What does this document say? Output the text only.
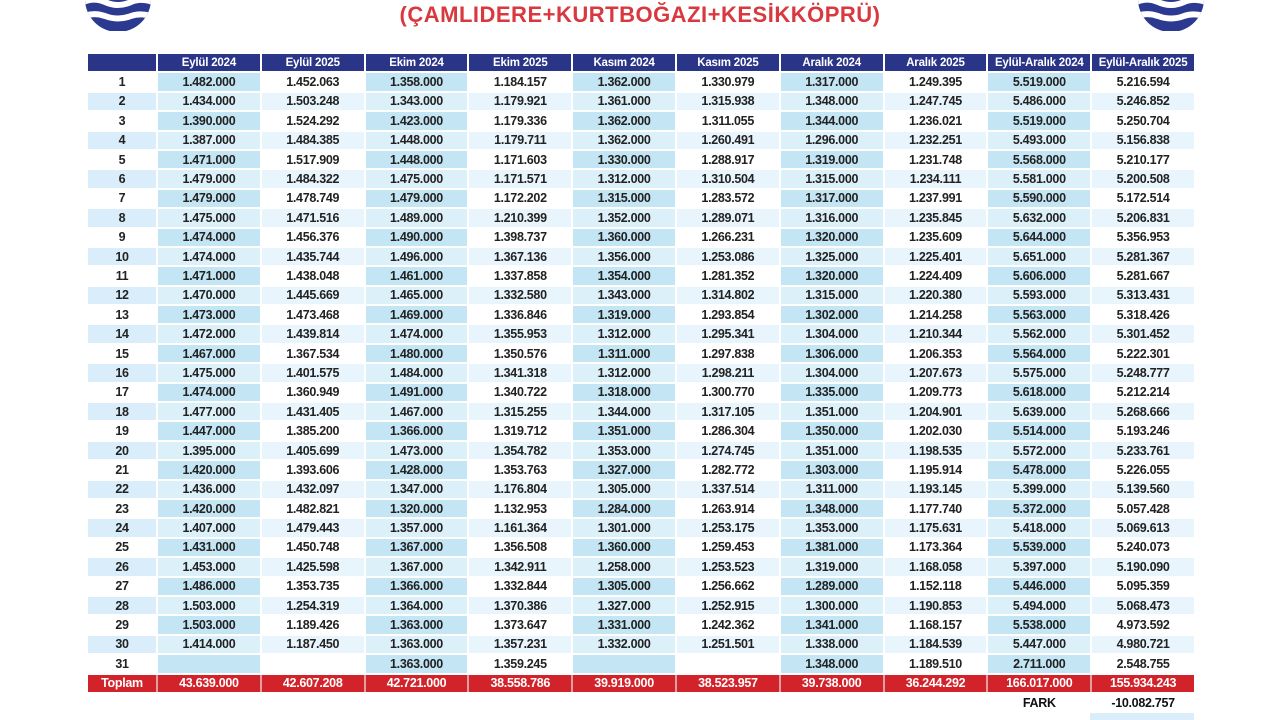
(ÇAMLIDERE+KURTBOĞAZI+KESİKKÖPRÜ)
	Eylül 2024	Eylül 2025	Ekim 2024	Ekim 2025	Kasım 2024	Kasım 2025	Aralık 2024	Aralık 2025	Eylül-Aralık 2024	Eylül-Aralık 2025
1	1.482.000	1.452.063	1.358.000	1.184.157	1.362.000	1.330.979	1.317.000	1.249.395	5.519.000	5.216.594
2	1.434.000	1.503.248	1.343.000	1.179.921	1.361.000	1.315.938	1.348.000	1.247.745	5.486.000	5.246.852
3	1.390.000	1.524.292	1.423.000	1.179.336	1.362.000	1.311.055	1.344.000	1.236.021	5.519.000	5.250.704
4	1.387.000	1.484.385	1.448.000	1.179.711	1.362.000	1.260.491	1.296.000	1.232.251	5.493.000	5.156.838
5	1.471.000	1.517.909	1.448.000	1.171.603	1.330.000	1.288.917	1.319.000	1.231.748	5.568.000	5.210.177
6	1.479.000	1.484.322	1.475.000	1.171.571	1.312.000	1.310.504	1.315.000	1.234.111	5.581.000	5.200.508
7	1.479.000	1.478.749	1.479.000	1.172.202	1.315.000	1.283.572	1.317.000	1.237.991	5.590.000	5.172.514
8	1.475.000	1.471.516	1.489.000	1.210.399	1.352.000	1.289.071	1.316.000	1.235.845	5.632.000	5.206.831
9	1.474.000	1.456.376	1.490.000	1.398.737	1.360.000	1.266.231	1.320.000	1.235.609	5.644.000	5.356.953
10	1.474.000	1.435.744	1.496.000	1.367.136	1.356.000	1.253.086	1.325.000	1.225.401	5.651.000	5.281.367
11	1.471.000	1.438.048	1.461.000	1.337.858	1.354.000	1.281.352	1.320.000	1.224.409	5.606.000	5.281.667
12	1.470.000	1.445.669	1.465.000	1.332.580	1.343.000	1.314.802	1.315.000	1.220.380	5.593.000	5.313.431
13	1.473.000	1.473.468	1.469.000	1.336.846	1.319.000	1.293.854	1.302.000	1.214.258	5.563.000	5.318.426
14	1.472.000	1.439.814	1.474.000	1.355.953	1.312.000	1.295.341	1.304.000	1.210.344	5.562.000	5.301.452
15	1.467.000	1.367.534	1.480.000	1.350.576	1.311.000	1.297.838	1.306.000	1.206.353	5.564.000	5.222.301
16	1.475.000	1.401.575	1.484.000	1.341.318	1.312.000	1.298.211	1.304.000	1.207.673	5.575.000	5.248.777
17	1.474.000	1.360.949	1.491.000	1.340.722	1.318.000	1.300.770	1.335.000	1.209.773	5.618.000	5.212.214
18	1.477.000	1.431.405	1.467.000	1.315.255	1.344.000	1.317.105	1.351.000	1.204.901	5.639.000	5.268.666
19	1.447.000	1.385.200	1.366.000	1.319.712	1.351.000	1.286.304	1.350.000	1.202.030	5.514.000	5.193.246
20	1.395.000	1.405.699	1.473.000	1.354.782	1.353.000	1.274.745	1.351.000	1.198.535	5.572.000	5.233.761
21	1.420.000	1.393.606	1.428.000	1.353.763	1.327.000	1.282.772	1.303.000	1.195.914	5.478.000	5.226.055
22	1.436.000	1.432.097	1.347.000	1.176.804	1.305.000	1.337.514	1.311.000	1.193.145	5.399.000	5.139.560
23	1.420.000	1.482.821	1.320.000	1.132.953	1.284.000	1.263.914	1.348.000	1.177.740	5.372.000	5.057.428
24	1.407.000	1.479.443	1.357.000	1.161.364	1.301.000	1.253.175	1.353.000	1.175.631	5.418.000	5.069.613
25	1.431.000	1.450.748	1.367.000	1.356.508	1.360.000	1.259.453	1.381.000	1.173.364	5.539.000	5.240.073
26	1.453.000	1.425.598	1.367.000	1.342.911	1.258.000	1.253.523	1.319.000	1.168.058	5.397.000	5.190.090
27	1.486.000	1.353.735	1.366.000	1.332.844	1.305.000	1.256.662	1.289.000	1.152.118	5.446.000	5.095.359
28	1.503.000	1.254.319	1.364.000	1.370.386	1.327.000	1.252.915	1.300.000	1.190.853	5.494.000	5.068.473
29	1.503.000	1.189.426	1.363.000	1.373.647	1.331.000	1.242.362	1.341.000	1.168.157	5.538.000	4.973.592
30	1.414.000	1.187.450	1.363.000	1.357.231	1.332.000	1.251.501	1.338.000	1.184.539	5.447.000	4.980.721
31			1.363.000	1.359.245			1.348.000	1.189.510	2.711.000	2.548.755
Toplam	43.639.000	42.607.208	42.721.000	38.558.786	39.919.000	38.523.957	39.738.000	36.244.292	166.017.000	155.934.243
									FARK	-10.082.757
